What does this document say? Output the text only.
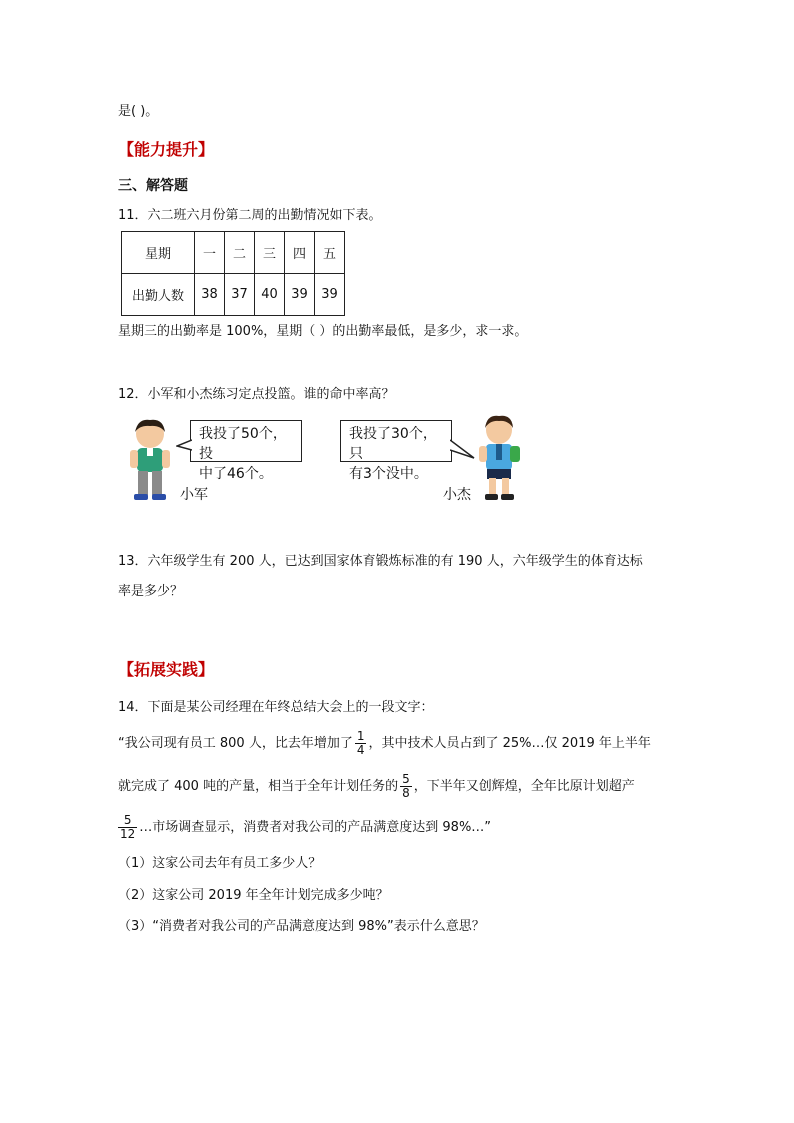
是( )。
【能力提升】
三、解答题
11．六二班六月份第二周的出勤情况如下表。
星期	一	二	三	四	五
出勤人数	38	37	40	39	39
星期三的出勤率是 100%，星期（ ）的出勤率最低，是多少，求一求。
12．小军和小杰练习定点投篮。谁的命中率高？
我投了50个，投
中了46个。
小军
我投了30个，只
有3个没中。
小杰
13．六年级学生有 200 人，已达到国家体育锻炼标准的有 190 人，六年级学生的体育达标
率是多少？
【拓展实践】
14．下面是某公司经理在年终总结大会上的一段文字：
“我公司现有员工 800 人，比去年增加了 $\frac{1}{4}$ ，其中技术人员占到了 25%…仅 2019 年上半年
就完成了 400 吨的产量，相当于全年计划任务的 $\frac{5}{8}$ ，下半年又创辉煌，全年比原计划超产
$\frac{5}{12}$ …市场调查显示，消费者对我公司的产品满意度达到 98%…”
（1）这家公司去年有员工多少人？
（2）这家公司 2019 年全年计划完成多少吨？
（3）“消费者对我公司的产品满意度达到 98%”表示什么意思？
